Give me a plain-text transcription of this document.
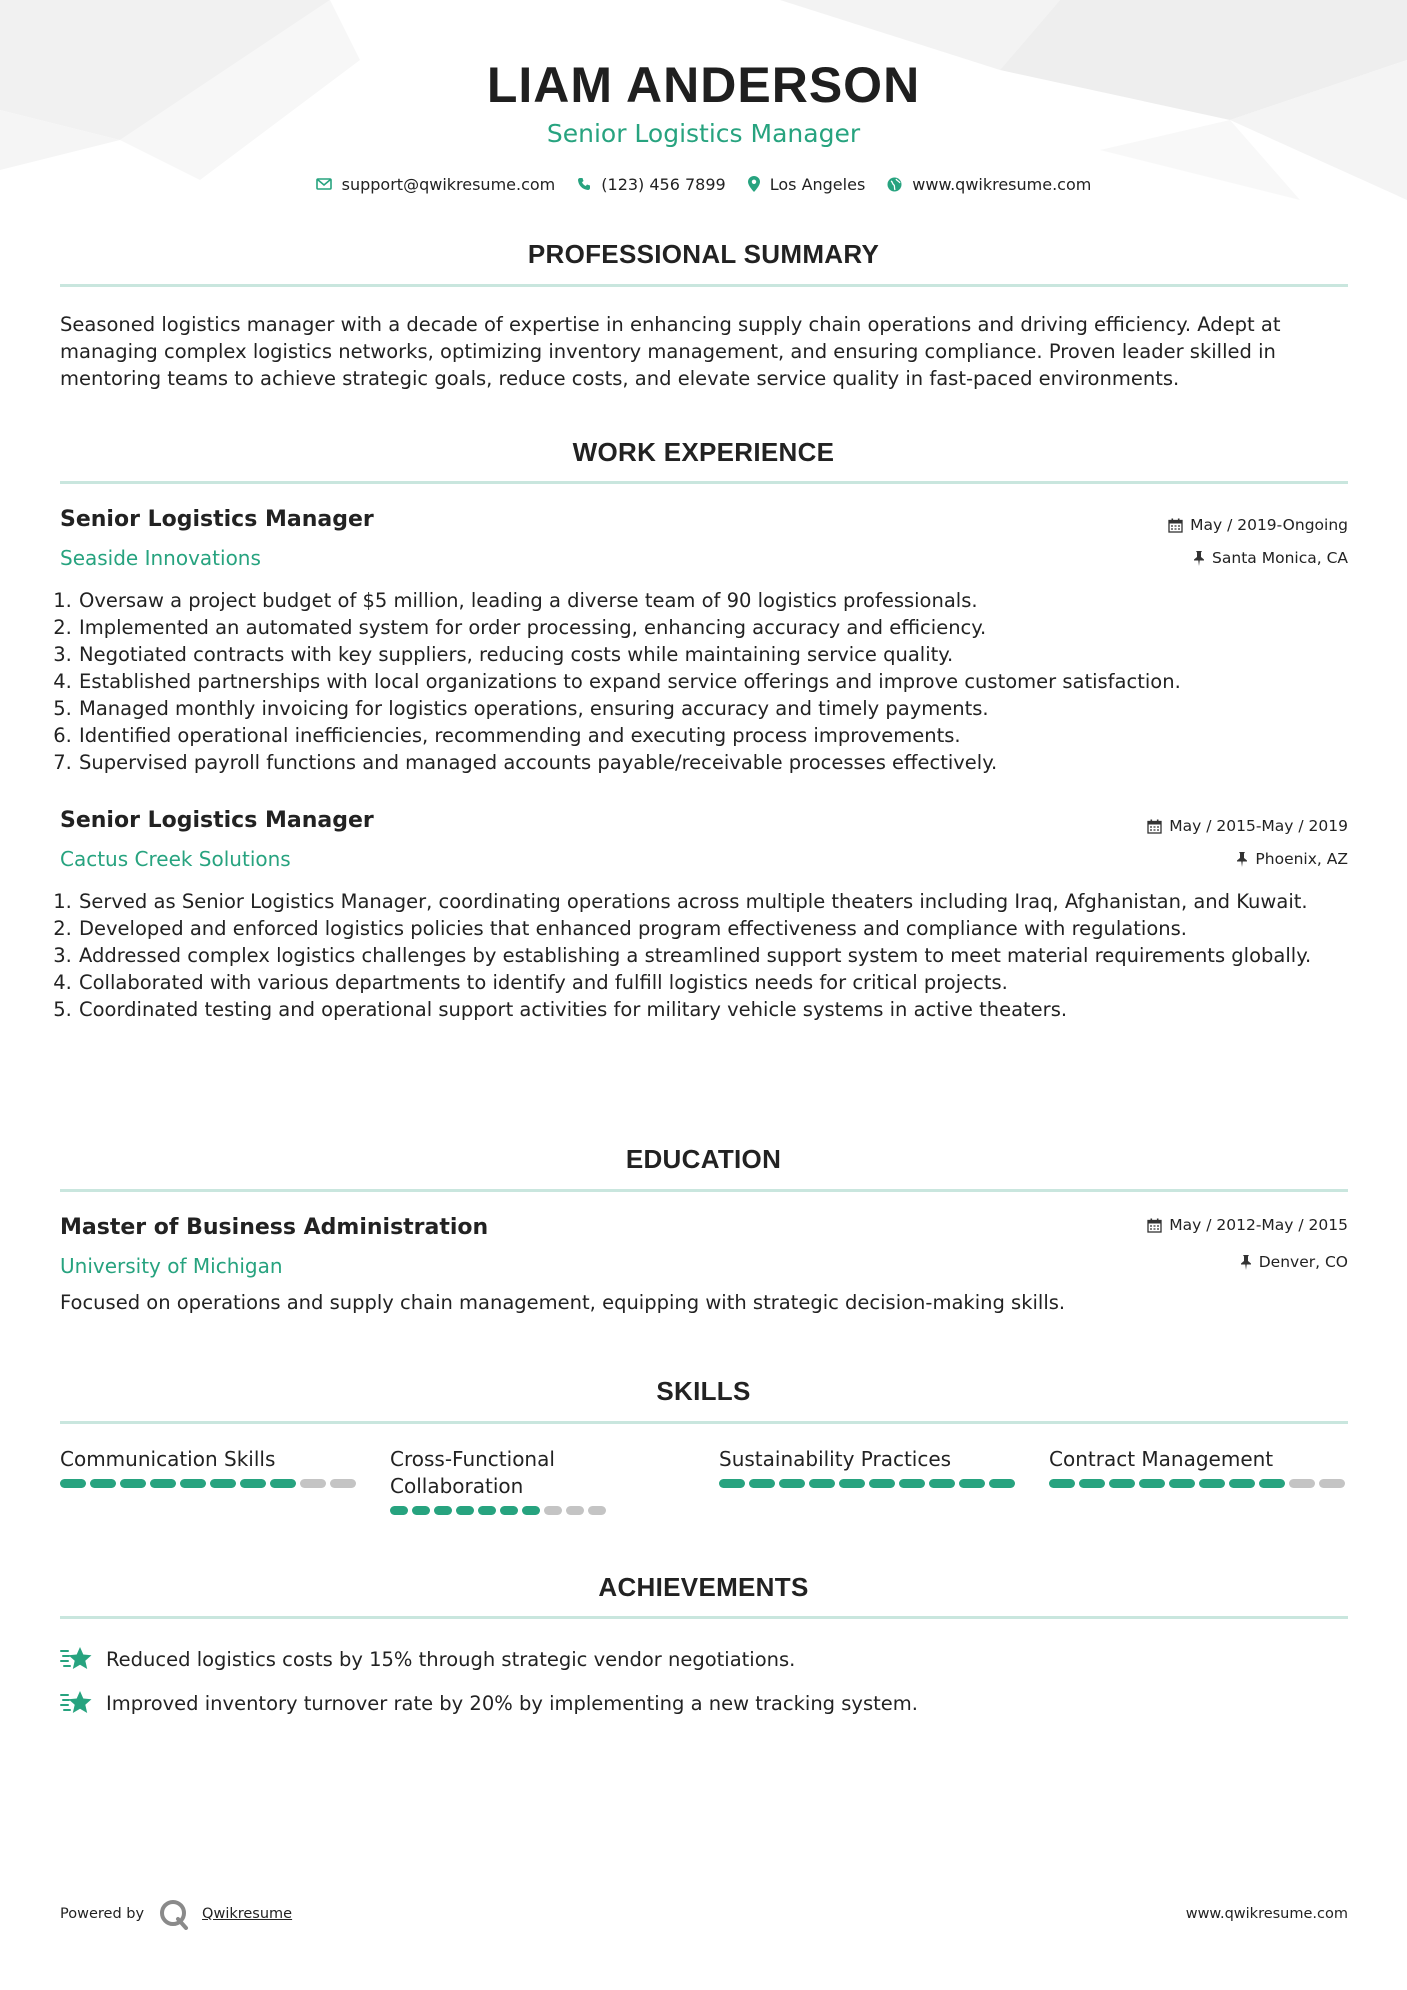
LIAM ANDERSON
Senior Logistics Manager
support@qwikresume.com	(123) 456 7899	Los Angeles	www.qwikresume.com
PROFESSIONAL SUMMARY
Seasoned logistics manager with a decade of expertise in enhancing supply chain operations and driving efficiency. Adept at managing complex logistics networks, optimizing inventory management, and ensuring compliance. Proven leader skilled in mentoring teams to achieve strategic goals, reduce costs, and elevate service quality in fast-paced environments.
WORK EXPERIENCE
Senior Logistics Manager	May / 2019-Ongoing
Seaside Innovations	Santa Monica, CA
1. Oversaw a project budget of $5 million, leading a diverse team of 90 logistics professionals.
2. Implemented an automated system for order processing, enhancing accuracy and efficiency.
3. Negotiated contracts with key suppliers, reducing costs while maintaining service quality.
4. Established partnerships with local organizations to expand service offerings and improve customer satisfaction.
5. Managed monthly invoicing for logistics operations, ensuring accuracy and timely payments.
6. Identified operational inefficiencies, recommending and executing process improvements.
7. Supervised payroll functions and managed accounts payable/receivable processes effectively.
Senior Logistics Manager	May / 2015-May / 2019
Cactus Creek Solutions	Phoenix, AZ
1. Served as Senior Logistics Manager, coordinating operations across multiple theaters including Iraq, Afghanistan, and Kuwait.
2. Developed and enforced logistics policies that enhanced program effectiveness and compliance with regulations.
3. Addressed complex logistics challenges by establishing a streamlined support system to meet material requirements globally.
4. Collaborated with various departments to identify and fulfill logistics needs for critical projects.
5. Coordinated testing and operational support activities for military vehicle systems in active theaters.
EDUCATION
Master of Business Administration	May / 2012-May / 2015
University of Michigan	Denver, CO
Focused on operations and supply chain management, equipping with strategic decision-making skills.
SKILLS
Communication Skills	Cross-Functional Collaboration
Sustainability Practices	Contract Management
ACHIEVEMENTS
Reduced logistics costs by 15% through strategic vendor negotiations.
Improved inventory turnover rate by 20% by implementing a new tracking system.
Powered by	Qwikresume	www.qwikresume.com
